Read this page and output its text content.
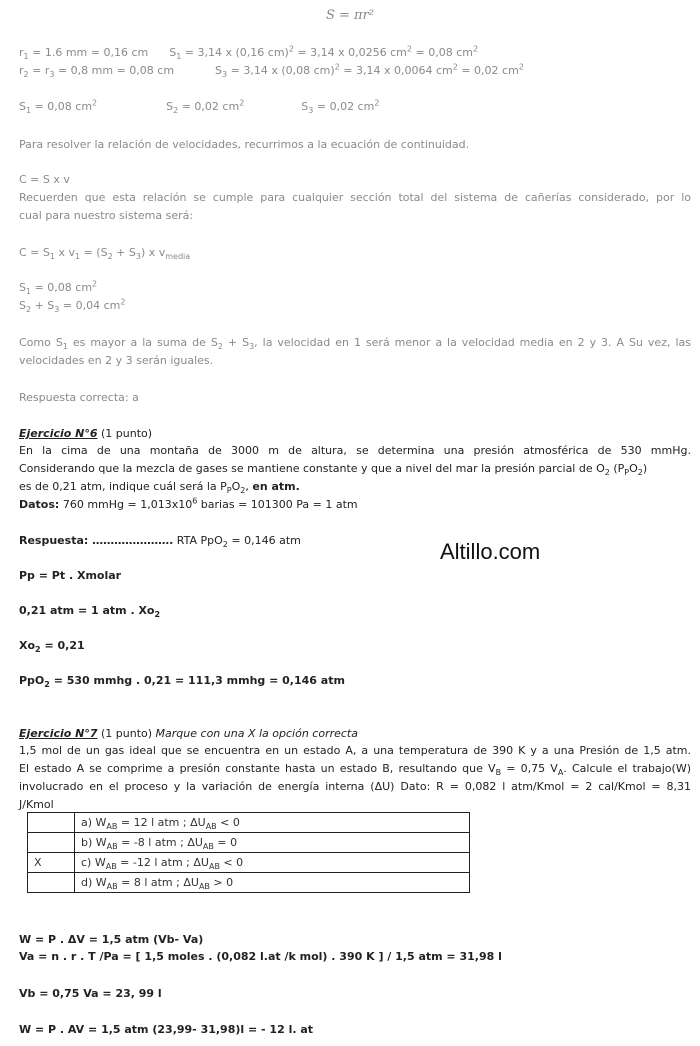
S = πr²
$r_1 = 1.6$ mm = 0,16 cm $S_1 = 3,14$ x (0,16 cm)$^2$ = 3,14 x 0,0256 $cm^2 = 0,08$ $cm^2$
$r_2 = r_3 = 0,8$ mm = 0,08 cm	$S_3 = 3,14$ x (0,08 cm)$^2$ = 3,14 x 0,0064 $cm^2 = 0,02$ $cm^2$
$S_1 = 0,08$ $cm^2$	$S_2 = 0,02$ $cm^2$	$S_3 = 0,02$ $cm^2$
Para resolver la relación de velocidades, recurrimos a la ecuación de continuidad.
C = S x v
Recuerden que esta relación se cumple para cualquier sección total del sistema de cañerías considerado, por lo
cual para nuestro sistema será:
$C = S_1$ x $v_1 = (S_2 + S_3)$ x $v_{media}$
$S_1 = 0,08$ $cm^2$
$S_2 + S_3 = 0,04$ $cm^2$
Como $S_1$ es mayor a la suma de $S_2 + S_3$, la velocidad en 1 será menor a la velocidad media en 2 y 3. A Su vez, las
velocidades en 2 y 3 serán iguales.
Respuesta correcta: a
Ejercicio N°6 (1 punto)
En la cima de una montaña de 3000 m de altura, se determina una presión atmosférica de 530 mmHg.
Considerando que la mezcla de gases se mantiene constante y que a nivel del mar la presión parcial de $O_2$ $(P_PO_2)$
es de 0,21 atm, indique cuál será la $P_PO_2$, en atm.
Datos: 760 mmHg = $1,013x10^6$ barias = 101300 Pa = 1 atm
Respuesta: …………………. RTA PpO$_2$ = 0,146 atm	Altillo.com
Pp = Pt . Xmolar
0,21 atm = 1 atm . $Xo_2$
$Xo_2 = 0,21$
PpO$_2$ = 530 mmhg . 0,21 = 111,3 mmhg = 0,146 atm
Ejercicio N°7 (1 punto) Marque con una X la opción correcta
1,5 mol de un gas ideal que se encuentra en un estado A, a una temperatura de 390 K y a una Presión de 1,5 atm.
El estado A se comprime a presión constante hasta un estado B, resultando que $V_B = 0,75$ $V_A$. Calcule el trabajo(W)
involucrado en el proceso y la variación de energía interna (ΔU) Dato: R = 0,082 l atm/Kmol = 2 cal/Kmol = 8,31
J/Kmol
	a) $W_{AB} = 12$ l atm ; $\Delta U_{AB} < 0$
	b) $W_{AB} = -8$ l atm ; $\Delta U_{AB} = 0$
X	c) $W_{AB} = -12$ l atm ; $\Delta U_{AB} < 0$
	d) $W_{AB} = 8$ l atm ; $\Delta U_{AB} > 0$
W = P . ΔV = 1,5 atm (Vb- Va)
Va = n . r . T /Pa = [ 1,5 moles . (0,082 l.at /k mol) . 390 K ] / 1,5 atm = 31,98 l
Vb = 0,75 Va = 23, 99 l
W = P . AV = 1,5 atm (23,99- 31,98)l = - 12 l. at
